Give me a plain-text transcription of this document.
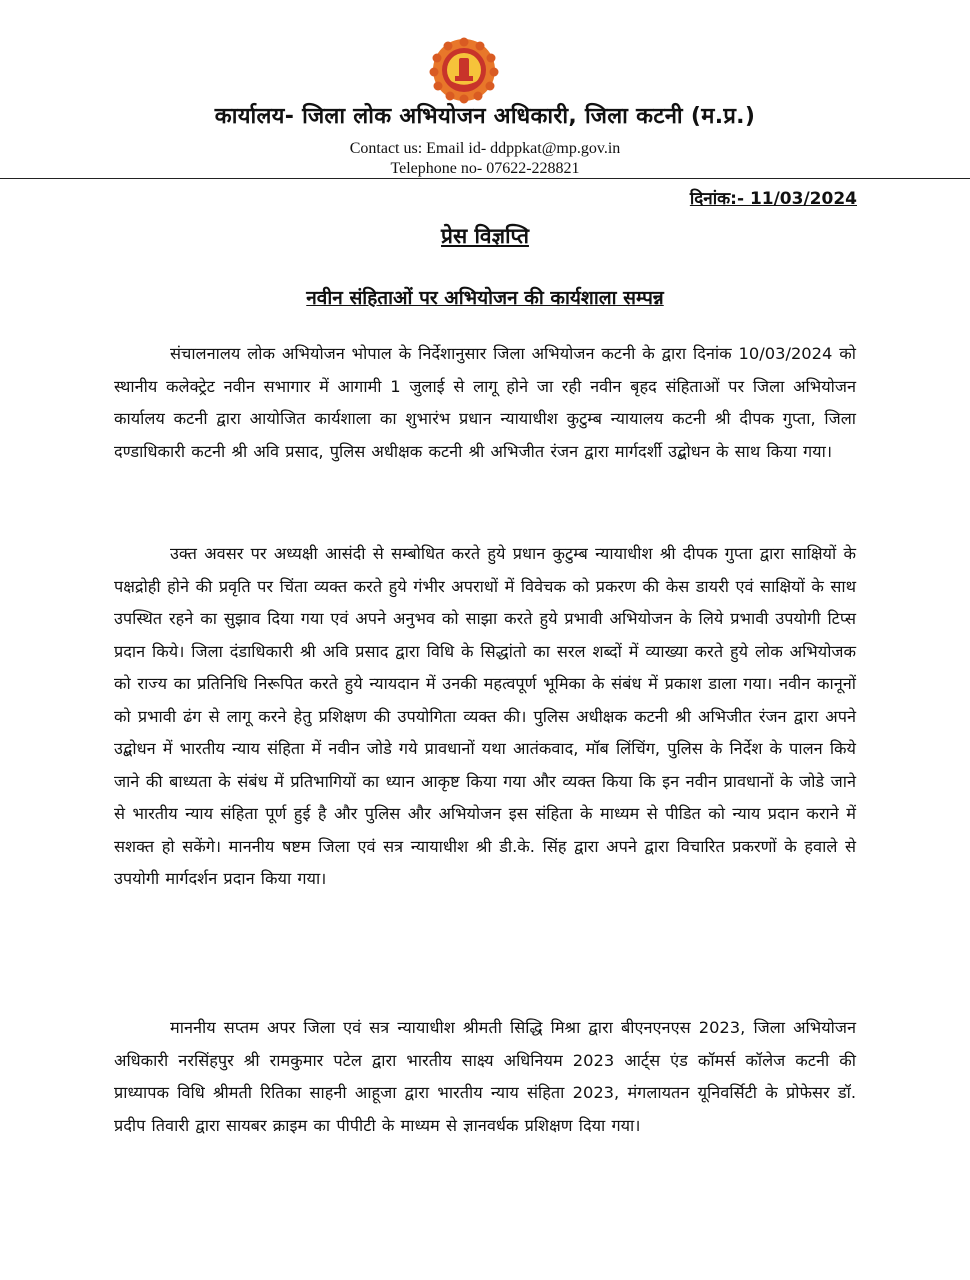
कार्यालय- जिला लोक अभियोजन अधिकारी, जिला कटनी (म.प्र.)
Contact us: Email id- ddppkat@mp.gov.in
Telephone no- 07622-228821
दिनांक:- 11/03/2024
प्रेस विज्ञप्ति
नवीन संहिताओं पर अभियोजन की कार्यशाला सम्पन्न

संचालनालय लोक अभियोजन भोपाल के निर्देशानुसार जिला अभियोजन कटनी के द्वारा दिनांक 10/03/2024 को स्थानीय कलेक्ट्रेट नवीन सभागार में आगामी 1 जुलाई से लागू होने जा रही नवीन बृहद संहिताओं पर जिला अभियोजन कार्यालय कटनी द्वारा आयोजित कार्यशाला का शुभारंभ प्रधान न्यायाधीश कुटुम्ब न्यायालय कटनी श्री दीपक गुप्ता, जिला दण्डाधिकारी कटनी श्री अवि प्रसाद, पुलिस अधीक्षक कटनी श्री अभिजीत रंजन द्वारा मार्गदर्शी उद्बोधन के साथ किया गया।

उक्त अवसर पर अध्यक्षी आसंदी से सम्बोधित करते हुये प्रधान कुटुम्ब न्यायाधीश श्री दीपक गुप्ता द्वारा साक्षियों के पक्षद्रोही होने की प्रवृति पर चिंता व्यक्त करते हुये गंभीर अपराधों में विवेचक को प्रकरण की केस डायरी एवं साक्षियों के साथ उपस्थित रहने का सुझाव दिया गया एवं अपने अनुभव को साझा करते हुये प्रभावी अभियोजन के लिये प्रभावी उपयोगी टिप्स प्रदान किये। जिला दंडाधिकारी श्री अवि प्रसाद द्वारा विधि के सिद्धांतो का सरल शब्दों में व्याख्या करते हुये लोक अभियोजक को राज्य का प्रतिनिधि निरूपित करते हुये न्यायदान में उनकी महत्वपूर्ण भूमिका के संबंध में प्रकाश डाला गया। नवीन कानूनों को प्रभावी ढंग से लागू करने हेतु प्रशिक्षण की उपयोगिता व्यक्त की। पुलिस अधीक्षक कटनी श्री अभिजीत रंजन द्वारा अपने उद्बोधन में भारतीय न्याय संहिता में नवीन जोडे गये प्रावधानों यथा आतंकवाद, मॉब लिंचिंग, पुलिस के निर्देश के पालन किये जाने की बाध्यता के संबंध में प्रतिभागियों का ध्यान आकृष्ट किया गया और व्यक्त किया कि इन नवीन प्रावधानों के जोडे जाने से भारतीय न्याय संहिता पूर्ण हुई है और पुलिस और अभियोजन इस संहिता के माध्यम से पीडित को न्याय प्रदान कराने में सशक्त हो सकेंगे। माननीय षष्टम जिला एवं सत्र न्यायाधीश श्री डी.के. सिंह द्वारा अपने द्वारा विचारित प्रकरणों के हवाले से उपयोगी मार्गदर्शन प्रदान किया गया।

माननीय सप्तम अपर जिला एवं सत्र न्यायाधीश श्रीमती सिद्धि मिश्रा द्वारा बीएनएनएस 2023, जिला अभियोजन अधिकारी नरसिंहपुर श्री रामकुमार पटेल द्वारा भारतीय साक्ष्य अधिनियम 2023 आर्ट्स एंड कॉमर्स कॉलेज कटनी की प्राध्यापक विधि श्रीमती रितिका साहनी आहूजा द्वारा भारतीय न्याय संहिता 2023, मंगलायतन यूनिवर्सिटी के प्रोफेसर डॉ. प्रदीप तिवारी द्वारा सायबर क्राइम का पीपीटी के माध्यम से ज्ञानवर्धक प्रशिक्षण दिया गया।
